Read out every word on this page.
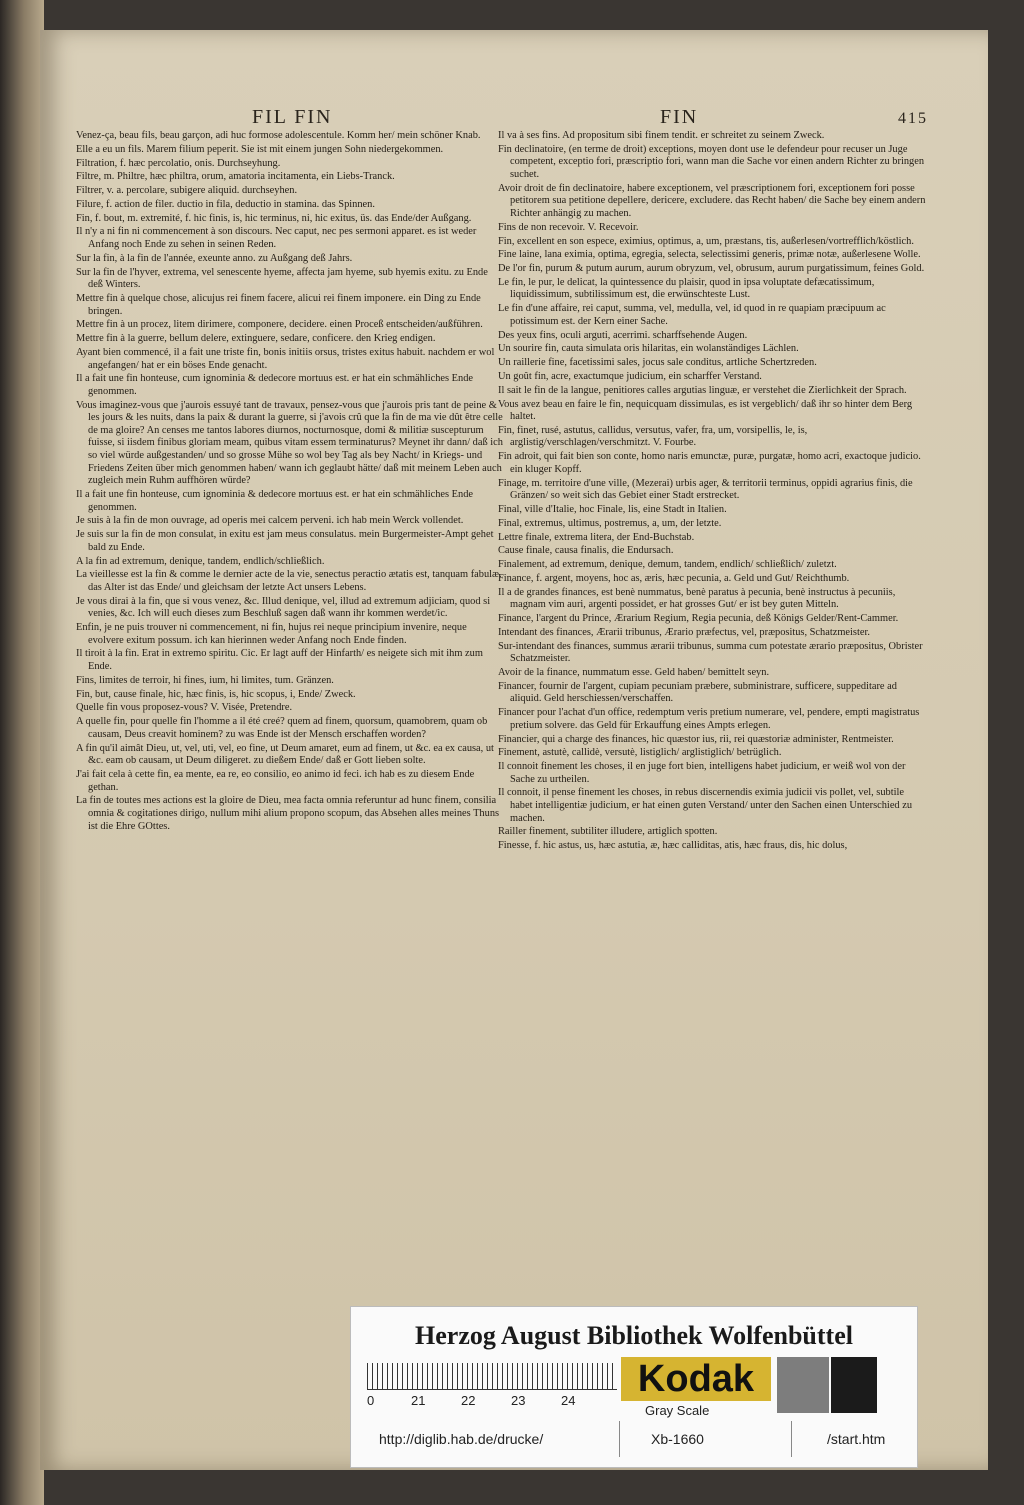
FIL FIN	FIN	415

Venez-ça, beau fils, beau garçon, adi huc formose adolescentule. Komm her/ mein schöner Knab.

Elle a eu un fils. Marem filium peperit. Sie ist mit einem jungen Sohn niedergekommen.

Filtration, f. hæc percolatio, onis. Durchseyhung.

Filtre, m. Philtre, hæc philtra, orum, amatoria incitamenta, ein Liebs-Tranck.

Filtrer, v. a. percolare, subigere aliquid. durchseyhen.

Filure, f. action de filer. ductio in fila, deductio in stamina. das Spinnen.

Fin, f. bout, m. extremité, f. hic finis, is, hic terminus, ni, hic exitus, üs. das Ende/der Außgang.

Il n'y a ni fin ni commencement à son discours. Nec caput, nec pes sermoni apparet. es ist weder Anfang noch Ende zu sehen in seinen Reden.

Sur la fin, à la fin de l'année, exeunte anno. zu Außgang deß Jahrs.

Sur la fin de l'hyver, extrema, vel senescente hyeme, affecta jam hyeme, sub hyemis exitu. zu Ende deß Winters.

Mettre fin à quelque chose, alicujus rei finem facere, alicui rei finem imponere. ein Ding zu Ende bringen.

Mettre fin à un procez, litem dirimere, componere, decidere. einen Proceß entscheiden/außführen.

Mettre fin à la guerre, bellum delere, extinguere, sedare, conficere. den Krieg endigen.

Ayant bien commencé, il a fait une triste fin, bonis initiis orsus, tristes exitus habuit. nachdem er wol angefangen/ hat er ein böses Ende genacht.

Il a fait une fin honteuse, cum ignominia & dedecore mortuus est. er hat ein schmähliches Ende genommen.

Vous imaginez-vous que j'aurois essuyé tant de travaux, pensez-vous que j'aurois pris tant de peine & les jours & les nuits, dans la paix & durant la guerre, si j'avois crû que la fin de ma vie dût être celle de ma gloire? An censes me tantos labores diurnos, nocturnosque, domi & militiæ suscepturum fuisse, si iisdem finibus gloriam meam, quibus vitam essem terminaturus? Meynet ihr dann/ daß ich so viel würde außgestanden/ und so grosse Mühe so wol bey Tag als bey Nacht/ in Kriegs- und Friedens Zeiten über mich genommen haben/ wann ich geglaubt hätte/ daß mit meinem Leben auch zugleich mein Ruhm auffhören würde?

Il a fait une fin honteuse, cum ignominia & dedecore mortuus est. er hat ein schmähliches Ende genommen.

Je suis à la fin de mon ouvrage, ad operis mei calcem perveni. ich hab mein Werck vollendet.

Je suis sur la fin de mon consulat, in exitu est jam meus consulatus. mein Burgermeister-Ampt gehet bald zu Ende.

A la fin ad extremum, denique, tandem, endlich/schließlich.

La vieillesse est la fin & comme le dernier acte de la vie, senectus peractio ætatis est, tanquam fabulæ. das Alter ist das Ende/ und gleichsam der letzte Act unsers Lebens.

Je vous dirai à la fin, que si vous venez, &c. Illud denique, vel, illud ad extremum adjiciam, quod si venies, &c. Ich will euch dieses zum Beschluß sagen daß wann ihr kommen werdet/ic.

Enfin, je ne puis trouver ni commencement, ni fin, hujus rei neque principium invenire, neque evolvere exitum possum. ich kan hierinnen weder Anfang noch Ende finden.

Il tiroit à la fin. Erat in extremo spiritu. Cic. Er lagt auff der Hinfarth/ es neigete sich mit ihm zum Ende.

Fins, limites de terroir, hi fines, ium, hi limites, tum. Gränzen.

Fin, but, cause finale, hic, hæc finis, is, hic scopus, i, Ende/ Zweck.

Quelle fin vous proposez-vous? V. Visée, Pretendre.

A quelle fin, pour quelle fin l'homme a il été creé? quem ad finem, quorsum, quamobrem, quam ob causam, Deus creavit hominem? zu was Ende ist der Mensch erschaffen worden?

A fin qu'il aimât Dieu, ut, vel, uti, vel, eo fine, ut Deum amaret, eum ad finem, ut &c. ea ex causa, ut &c. eam ob causam, ut Deum diligeret. zu dießem Ende/ daß er Gott lieben solte.

J'ai fait cela à cette fin, ea mente, ea re, eo consilio, eo animo id feci. ich hab es zu diesem Ende gethan.

La fin de toutes mes actions est la gloire de Dieu, mea facta omnia referuntur ad hunc finem, consilia omnia & cogitationes dirigo, nullum mihi alium propono scopum, das Absehen alles meines Thuns ist die Ehre GOttes.

Il va à ses fins. Ad propositum sibi finem tendit. er schreitet zu seinem Zweck.

Fin declinatoire, (en terme de droit) exceptions, moyen dont use le defendeur pour recuser un Juge competent, exceptio fori, præscriptio fori, wann man die Sache vor einen andern Richter zu bringen suchet.

Avoir droit de fin declinatoire, habere exceptionem, vel præscriptionem fori, exceptionem fori posse petitorem sua petitione depellere, dericere, excludere. das Recht haben/ die Sache bey einem andern Richter anhängig zu machen.

Fins de non recevoir. V. Recevoir.

Fin, excellent en son espece, eximius, optimus, a, um, præstans, tis, außerlesen/vortrefflich/köstlich.

Fine laine, lana eximia, optima, egregia, selecta, selectissimi generis, primæ notæ, außerlesene Wolle.

De l'or fin, purum & putum aurum, aurum obryzum, vel, obrusum, aurum purgatissimum, feines Gold.

Le fin, le pur, le delicat, la quintessence du plaisir, quod in ipsa voluptate defæcatissimum, liquidissimum, subtilissimum est, die erwünschteste Lust.

Le fin d'une affaire, rei caput, summa, vel, medulla, vel, id quod in re quapiam præcipuum ac potissimum est. der Kern einer Sache.

Des yeux fins, oculi arguti, acerrimi. scharffsehende Augen.

Un sourire fin, cauta simulata oris hilaritas, ein wolanständiges Lächlen.

Un raillerie fine, facetissimi sales, jocus sale conditus, artliche Schertzreden.

Un goût fin, acre, exactumque judicium, ein scharffer Verstand.

Il sait le fin de la langue, penitiores calles argutias linguæ, er verstehet die Zierlichkeit der Sprach.

Vous avez beau en faire le fin, nequicquam dissimulas, es ist vergeblich/ daß ihr so hinter dem Berg haltet.

Fin, finet, rusé, astutus, callidus, versutus, vafer, fra, um, vorsipellis, le, is, arglistig/verschlagen/verschmitzt. V. Fourbe.

Fin adroit, qui fait bien son conte, homo naris emunctæ, puræ, purgatæ, homo acri, exactoque judicio. ein kluger Kopff.

Finage, m. territoire d'une ville, (Mezerai) urbis ager, & territorii terminus, oppidi agrarius finis, die Gränzen/ so weit sich das Gebiet einer Stadt erstrecket.

Final, ville d'Italie, hoc Finale, lis, eine Stadt in Italien.

Final, extremus, ultimus, postremus, a, um, der letzte.

Lettre finale, extrema litera, der End-Buchstab.

Cause finale, causa finalis, die Endursach.

Finalement, ad extremum, denique, demum, tandem, endlich/ schließlich/ zuletzt.

Finance, f. argent, moyens, hoc as, æris, hæc pecunia, a. Geld und Gut/ Reichthumb.

Il a de grandes finances, est benè nummatus, benè paratus à pecunia, benè instructus à pecuniis, magnam vim auri, argenti possidet, er hat grosses Gut/ er ist bey guten Mitteln.

Finance, l'argent du Prince, Ærarium Regium, Regia pecunia, deß Königs Gelder/Rent-Cammer.

Intendant des finances, Ærarii tribunus, Ærario præfectus, vel, præpositus, Schatzmeister.

Sur-intendant des finances, summus ærarii tribunus, summa cum potestate ærario præpositus, Obrister Schatzmeister.

Avoir de la finance, nummatum esse. Geld haben/ bemittelt seyn.

Financer, fournir de l'argent, cupiam pecuniam præbere, subministrare, sufficere, suppeditare ad aliquid. Geld herschiessen/verschaffen.

Financer pour l'achat d'un office, redemptum veris pretium numerare, vel, pendere, empti magistratus pretium solvere. das Geld für Erkauffung eines Ampts erlegen.

Financier, qui a charge des finances, hic quæstor ius, rii, rei quæstoriæ administer, Rentmeister.

Finement, astutè, callidè, versutè, listiglich/ arglistiglich/ betrüglich.

Il connoit finement les choses, il en juge fort bien, intelligens habet judicium, er weiß wol von der Sache zu urtheilen.

Il connoit, il pense finement les choses, in rebus discernendis eximia judicii vis pollet, vel, subtile habet intelligentiæ judicium, er hat einen guten Verstand/ unter den Sachen einen Unterschied zu machen.

Railler finement, subtiliter illudere, artiglich spotten.

Finesse, f. hic astus, us, hæc astutia, æ, hæc calliditas, atis, hæc fraus, dis, hic dolus,

Herzog August Bibliothek Wolfenbüttel
0	21	22	23	24
Kodak
Gray Scale
http://diglib.hab.de/drucke/	Xb-1660	/start.htm
